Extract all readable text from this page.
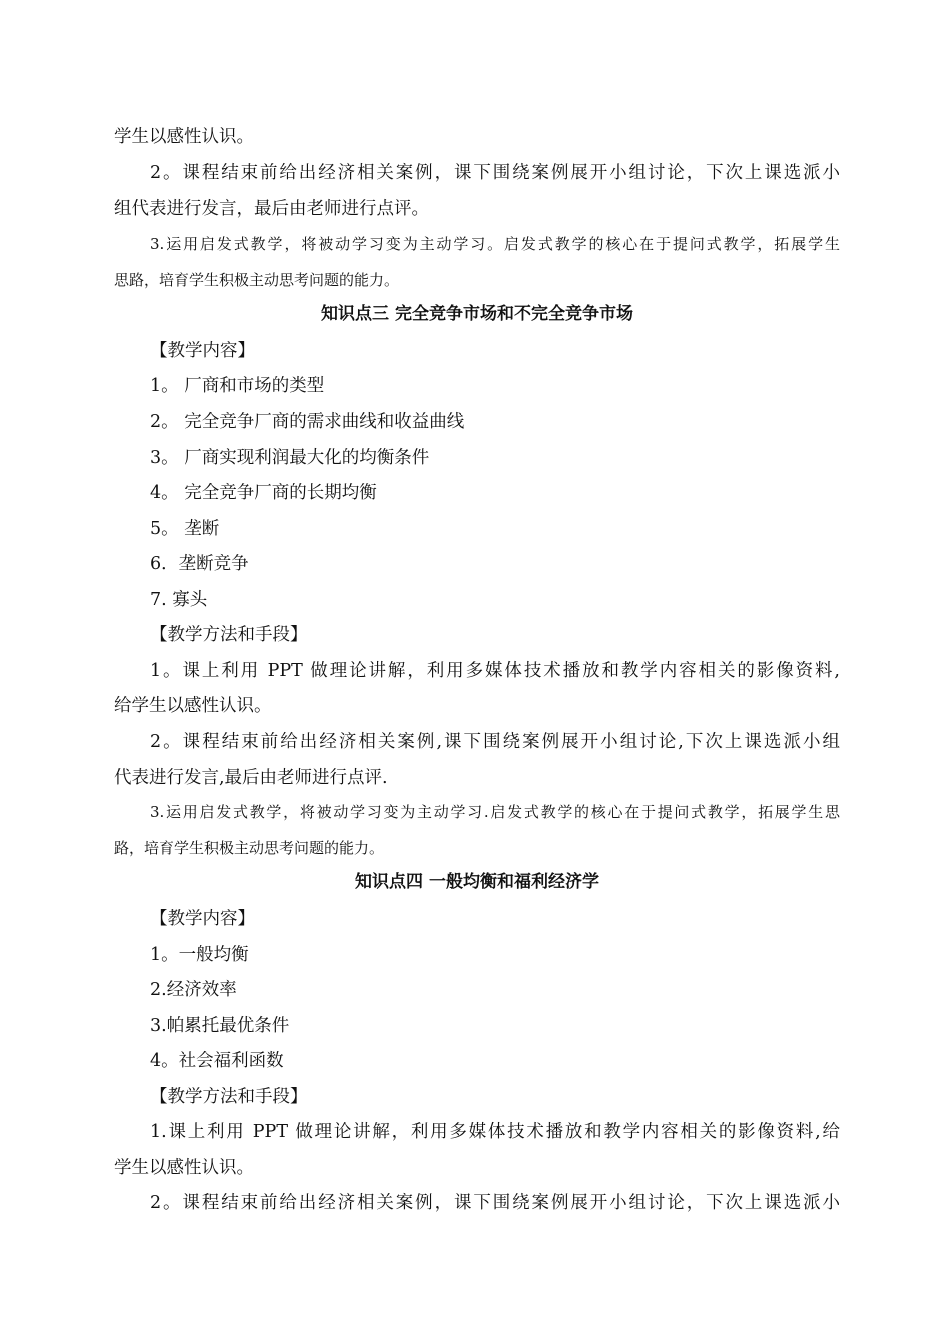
学生以感性认识。
2。课程结束前给出经济相关案例，课下围绕案例展开小组讨论，下次上课选派小
组代表进行发言，最后由老师进行点评。
3.运用启发式教学，将被动学习变为主动学习。启发式教学的核心在于提问式教学，拓展学生
思路，培育学生积极主动思考问题的能力。
知识点三 完全竞争市场和不完全竞争市场
【教学内容】
1。 厂商和市场的类型
2。 完全竞争厂商的需求曲线和收益曲线
3。 厂商实现利润最大化的均衡条件
4。 完全竞争厂商的长期均衡
5。 垄断
6．垄断竞争
7. 寡头
【教学方法和手段】
1。课上利用 PPT 做理论讲解，利用多媒体技术播放和教学内容相关的影像资料,
给学生以感性认识。
2。课程结束前给出经济相关案例,课下围绕案例展开小组讨论,下次上课选派小组
代表进行发言,最后由老师进行点评.
3.运用启发式教学，将被动学习变为主动学习.启发式教学的核心在于提问式教学，拓展学生思
路，培育学生积极主动思考问题的能力。
知识点四 一般均衡和福利经济学
【教学内容】
1。一般均衡
2.经济效率
3.帕累托最优条件
4。社会福利函数
【教学方法和手段】
1.课上利用 PPT 做理论讲解，利用多媒体技术播放和教学内容相关的影像资料,给
学生以感性认识。
2。课程结束前给出经济相关案例，课下围绕案例展开小组讨论，下次上课选派小
